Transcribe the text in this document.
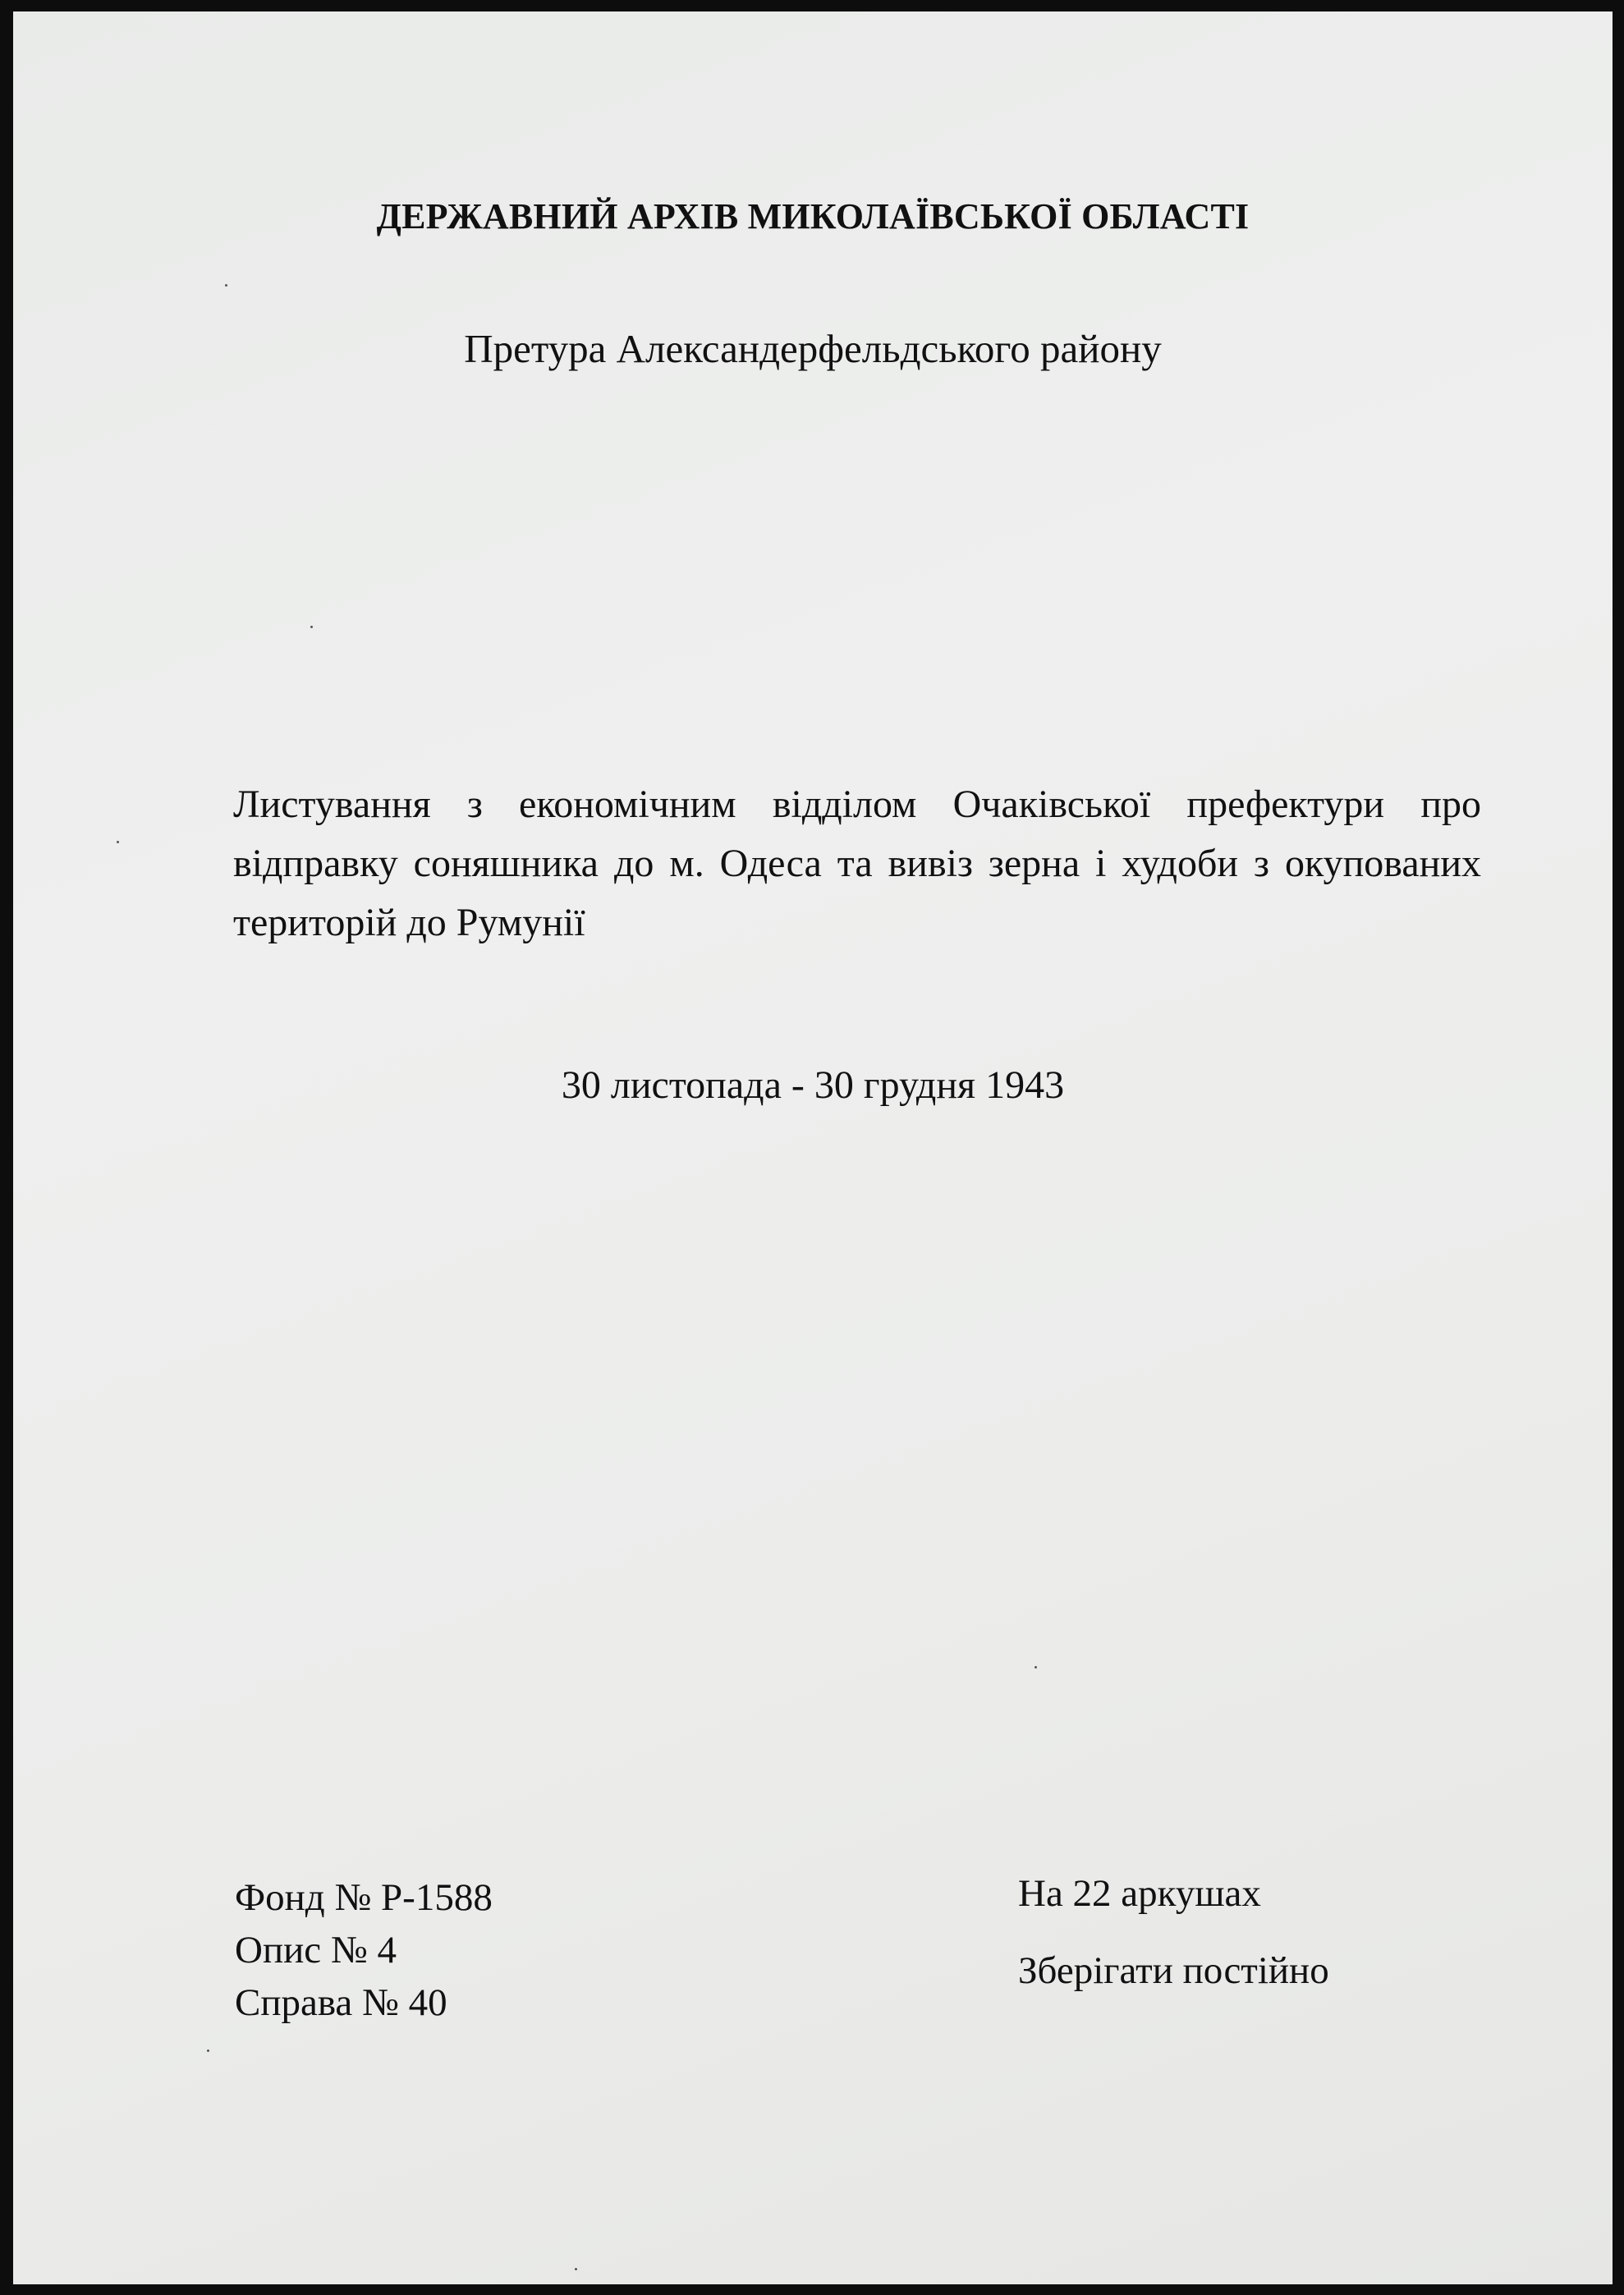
ДЕРЖАВНИЙ АРХІВ МИКОЛАЇВСЬКОЇ ОБЛАСТІ
Претура Александерфельдського району
Листування з економічним відділом Очаківської префектури про відправку соняшника до м. Одеса та вивіз зерна і худоби з окупованих територій до Румунії
30 листопада - 30 грудня 1943
Фонд № Р-1588
Опис № 4
Справа № 40
На 22 аркушах
Зберігати постійно
